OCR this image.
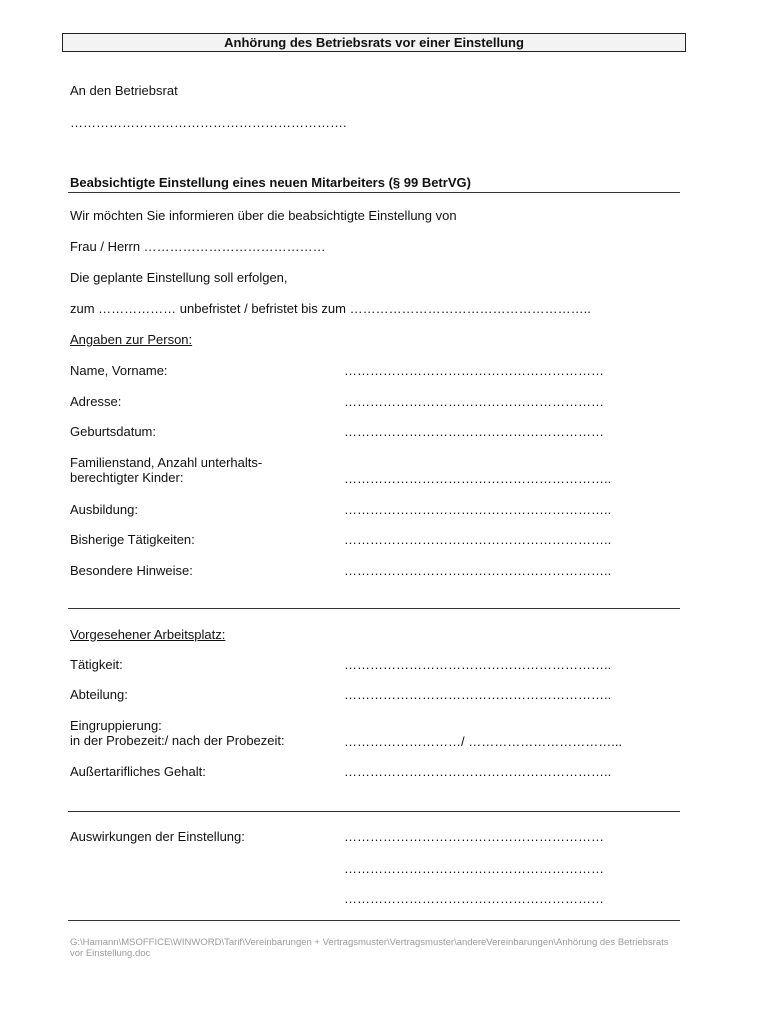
Anhörung des Betriebsrats vor einer Einstellung
An den Betriebsrat
……………………………………………………….
Beabsichtigte Einstellung eines neuen Mitarbeiters (§ 99 BetrVG)
Wir möchten Sie informieren über die beabsichtigte Einstellung von
Frau / Herrn ……………………………………
Die geplante Einstellung soll erfolgen,
zum ……………… unbefristet / befristet bis zum ………………………………………………..
Angaben zur Person:
Name, Vorname:	……………………………………………………
Adresse:	……………………………………………………
Geburtsdatum:	……………………………………………………
Familienstand, Anzahl unterhalts-
berechtigter Kinder:	……………………………………………………..
Ausbildung:	……………………………………………………..
Bisherige Tätigkeiten:	……………………………………………………..
Besondere Hinweise:	……………………………………………………..
Vorgesehener Arbeitsplatz:
Tätigkeit:	……………………………………………………..
Abteilung:	……………………………………………………..
Eingruppierung:
in der Probezeit:/ nach der Probezeit:	………………………/ ……………………………...
Außertarifliches Gehalt:	……………………………………………………..
Auswirkungen der Einstellung:	……………………………………………………
……………………………………………………
……………………………………………………
G:\Hamann\MSOFFICE\WINWORD\Tarif\Vereinbarungen + Vertragsmuster\Vertragsmuster\andereVereinbarungen\Anhörung des Betriebsrats vor Einstellung.doc
